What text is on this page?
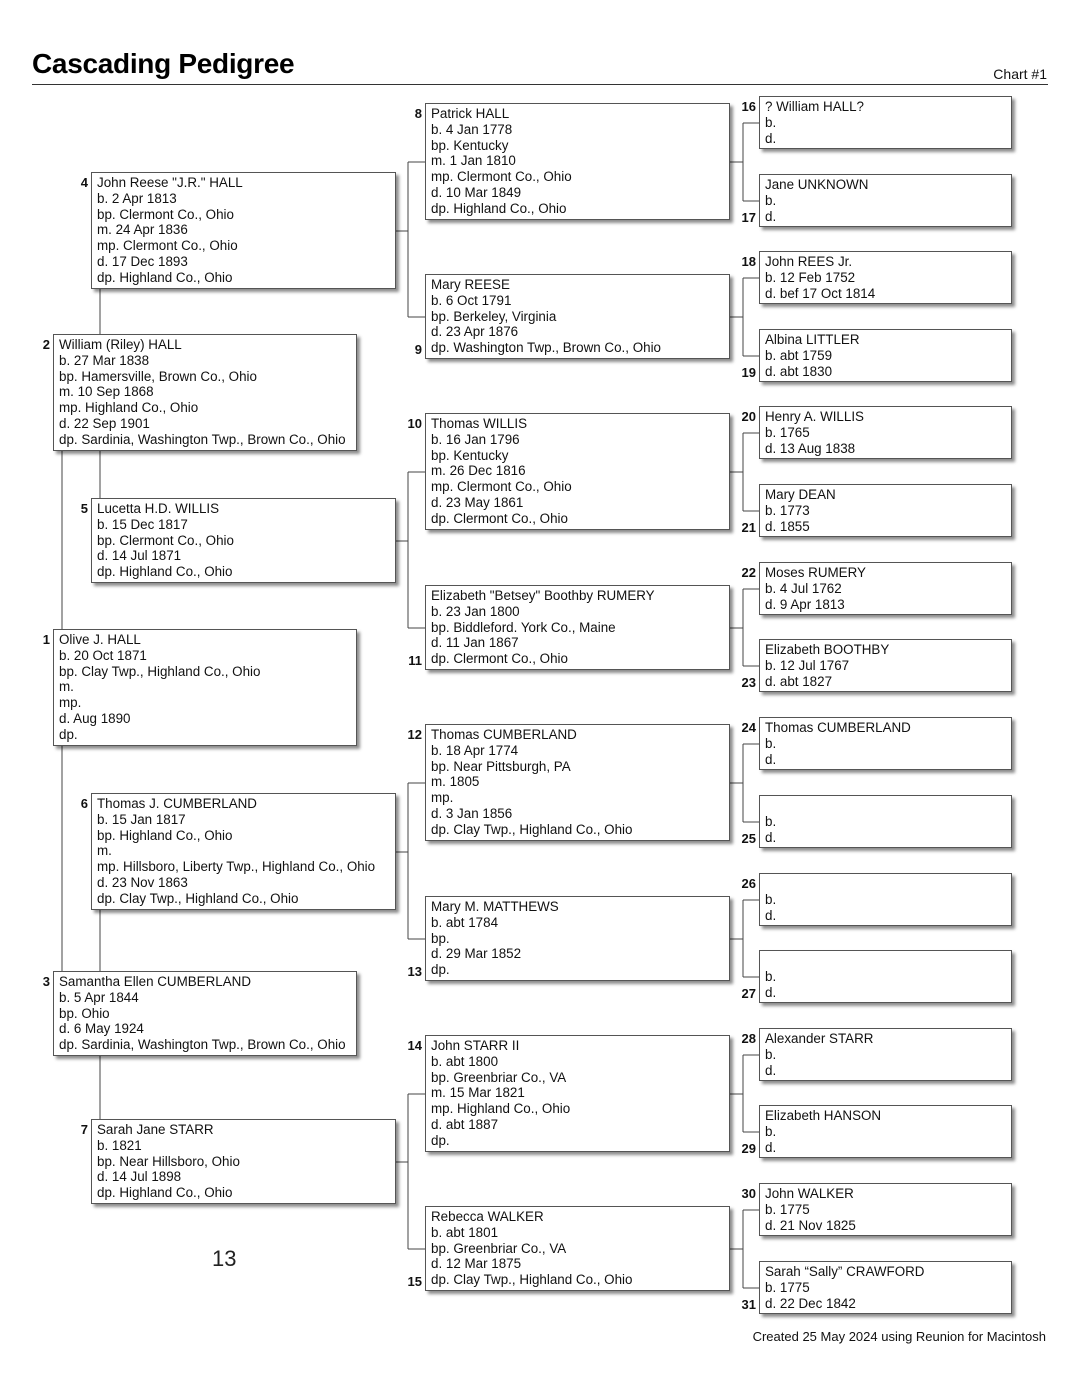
Cascading Pedigree	Chart #1
Olive J. HALL
b. 20 Oct 1871
bp. Clay Twp., Highland Co., Ohio
m.
mp.
d. Aug 1890
dp.
1
William (Riley) HALL
b. 27 Mar 1838
bp. Hamersville, Brown Co., Ohio
m. 10 Sep 1868
mp. Highland Co., Ohio
d. 22 Sep 1901
dp. Sardinia, Washington Twp., Brown Co., Ohio
2
Samantha Ellen CUMBERLAND
b. 5 Apr 1844
bp. Ohio
d. 6 May 1924
dp. Sardinia, Washington Twp., Brown Co., Ohio
3
John Reese "J.R." HALL
b. 2 Apr 1813
bp. Clermont Co., Ohio
m. 24 Apr 1836
mp. Clermont Co., Ohio
d. 17 Dec 1893
dp. Highland Co., Ohio
4
Lucetta H.D. WILLIS
b. 15 Dec 1817
bp. Clermont Co., Ohio
d. 14 Jul 1871
dp. Highland Co., Ohio
5
Thomas J. CUMBERLAND
b. 15 Jan 1817
bp. Highland Co., Ohio
m.
mp. Hillsboro, Liberty Twp., Highland Co., Ohio
d. 23 Nov 1863
dp. Clay Twp., Highland Co., Ohio
6
Sarah Jane STARR
b. 1821
bp. Near Hillsboro, Ohio
d. 14 Jul 1898
dp. Highland Co., Ohio
7
Patrick HALL
b. 4 Jan 1778
bp. Kentucky
m. 1 Jan 1810
mp. Clermont Co., Ohio
d. 10 Mar 1849
dp. Highland Co., Ohio
8
Mary REESE
b. 6 Oct 1791
bp. Berkeley, Virginia
d. 23 Apr 1876
dp. Washington Twp., Brown Co., Ohio
9
Thomas WILLIS
b. 16 Jan 1796
bp. Kentucky
m. 26 Dec 1816
mp. Clermont Co., Ohio
d. 23 May 1861
dp. Clermont Co., Ohio
10
Elizabeth "Betsey" Boothby RUMERY
b. 23 Jan 1800
bp. Biddleford. York Co., Maine
d. 11 Jan 1867
dp. Clermont Co., Ohio
11
Thomas CUMBERLAND
b. 18 Apr 1774
bp. Near Pittsburgh, PA
m. 1805
mp.
d. 3 Jan 1856
dp. Clay Twp., Highland Co., Ohio
12
Mary M. MATTHEWS
b. abt 1784
bp.
d. 29 Mar 1852
dp.
13
John STARR II
b. abt 1800
bp. Greenbriar Co., VA
m. 15 Mar 1821
mp. Highland Co., Ohio
d. abt 1887
dp.
14
Rebecca WALKER
b. abt 1801
bp. Greenbriar Co., VA
d. 12 Mar 1875
dp. Clay Twp., Highland Co., Ohio
15
? William HALL?
b.
d.
16
Jane UNKNOWN
b.
d.
17
John REES Jr.
b. 12 Feb 1752
d. bef 17 Oct 1814
18
Albina LITTLER
b. abt 1759
d. abt 1830
19
Henry A. WILLIS
b. 1765
d. 13 Aug 1838
20
Mary DEAN
b. 1773
d. 1855
21
Moses RUMERY
b. 4 Jul 1762
d. 9 Apr 1813
22
Elizabeth BOOTHBY
b. 12 Jul 1767
d. abt 1827
23
Thomas CUMBERLAND
b.
d.
24

b.
d.
25

b.
d.
26

b.
d.
27
Alexander STARR
b.
d.
28
Elizabeth HANSON
b.
d.
29
John WALKER
b. 1775
d. 21 Nov 1825
30
Sarah “Sally” CRAWFORD
b. 1775
d. 22 Dec 1842
31
13
Created 25 May 2024 using Reunion for Macintosh
